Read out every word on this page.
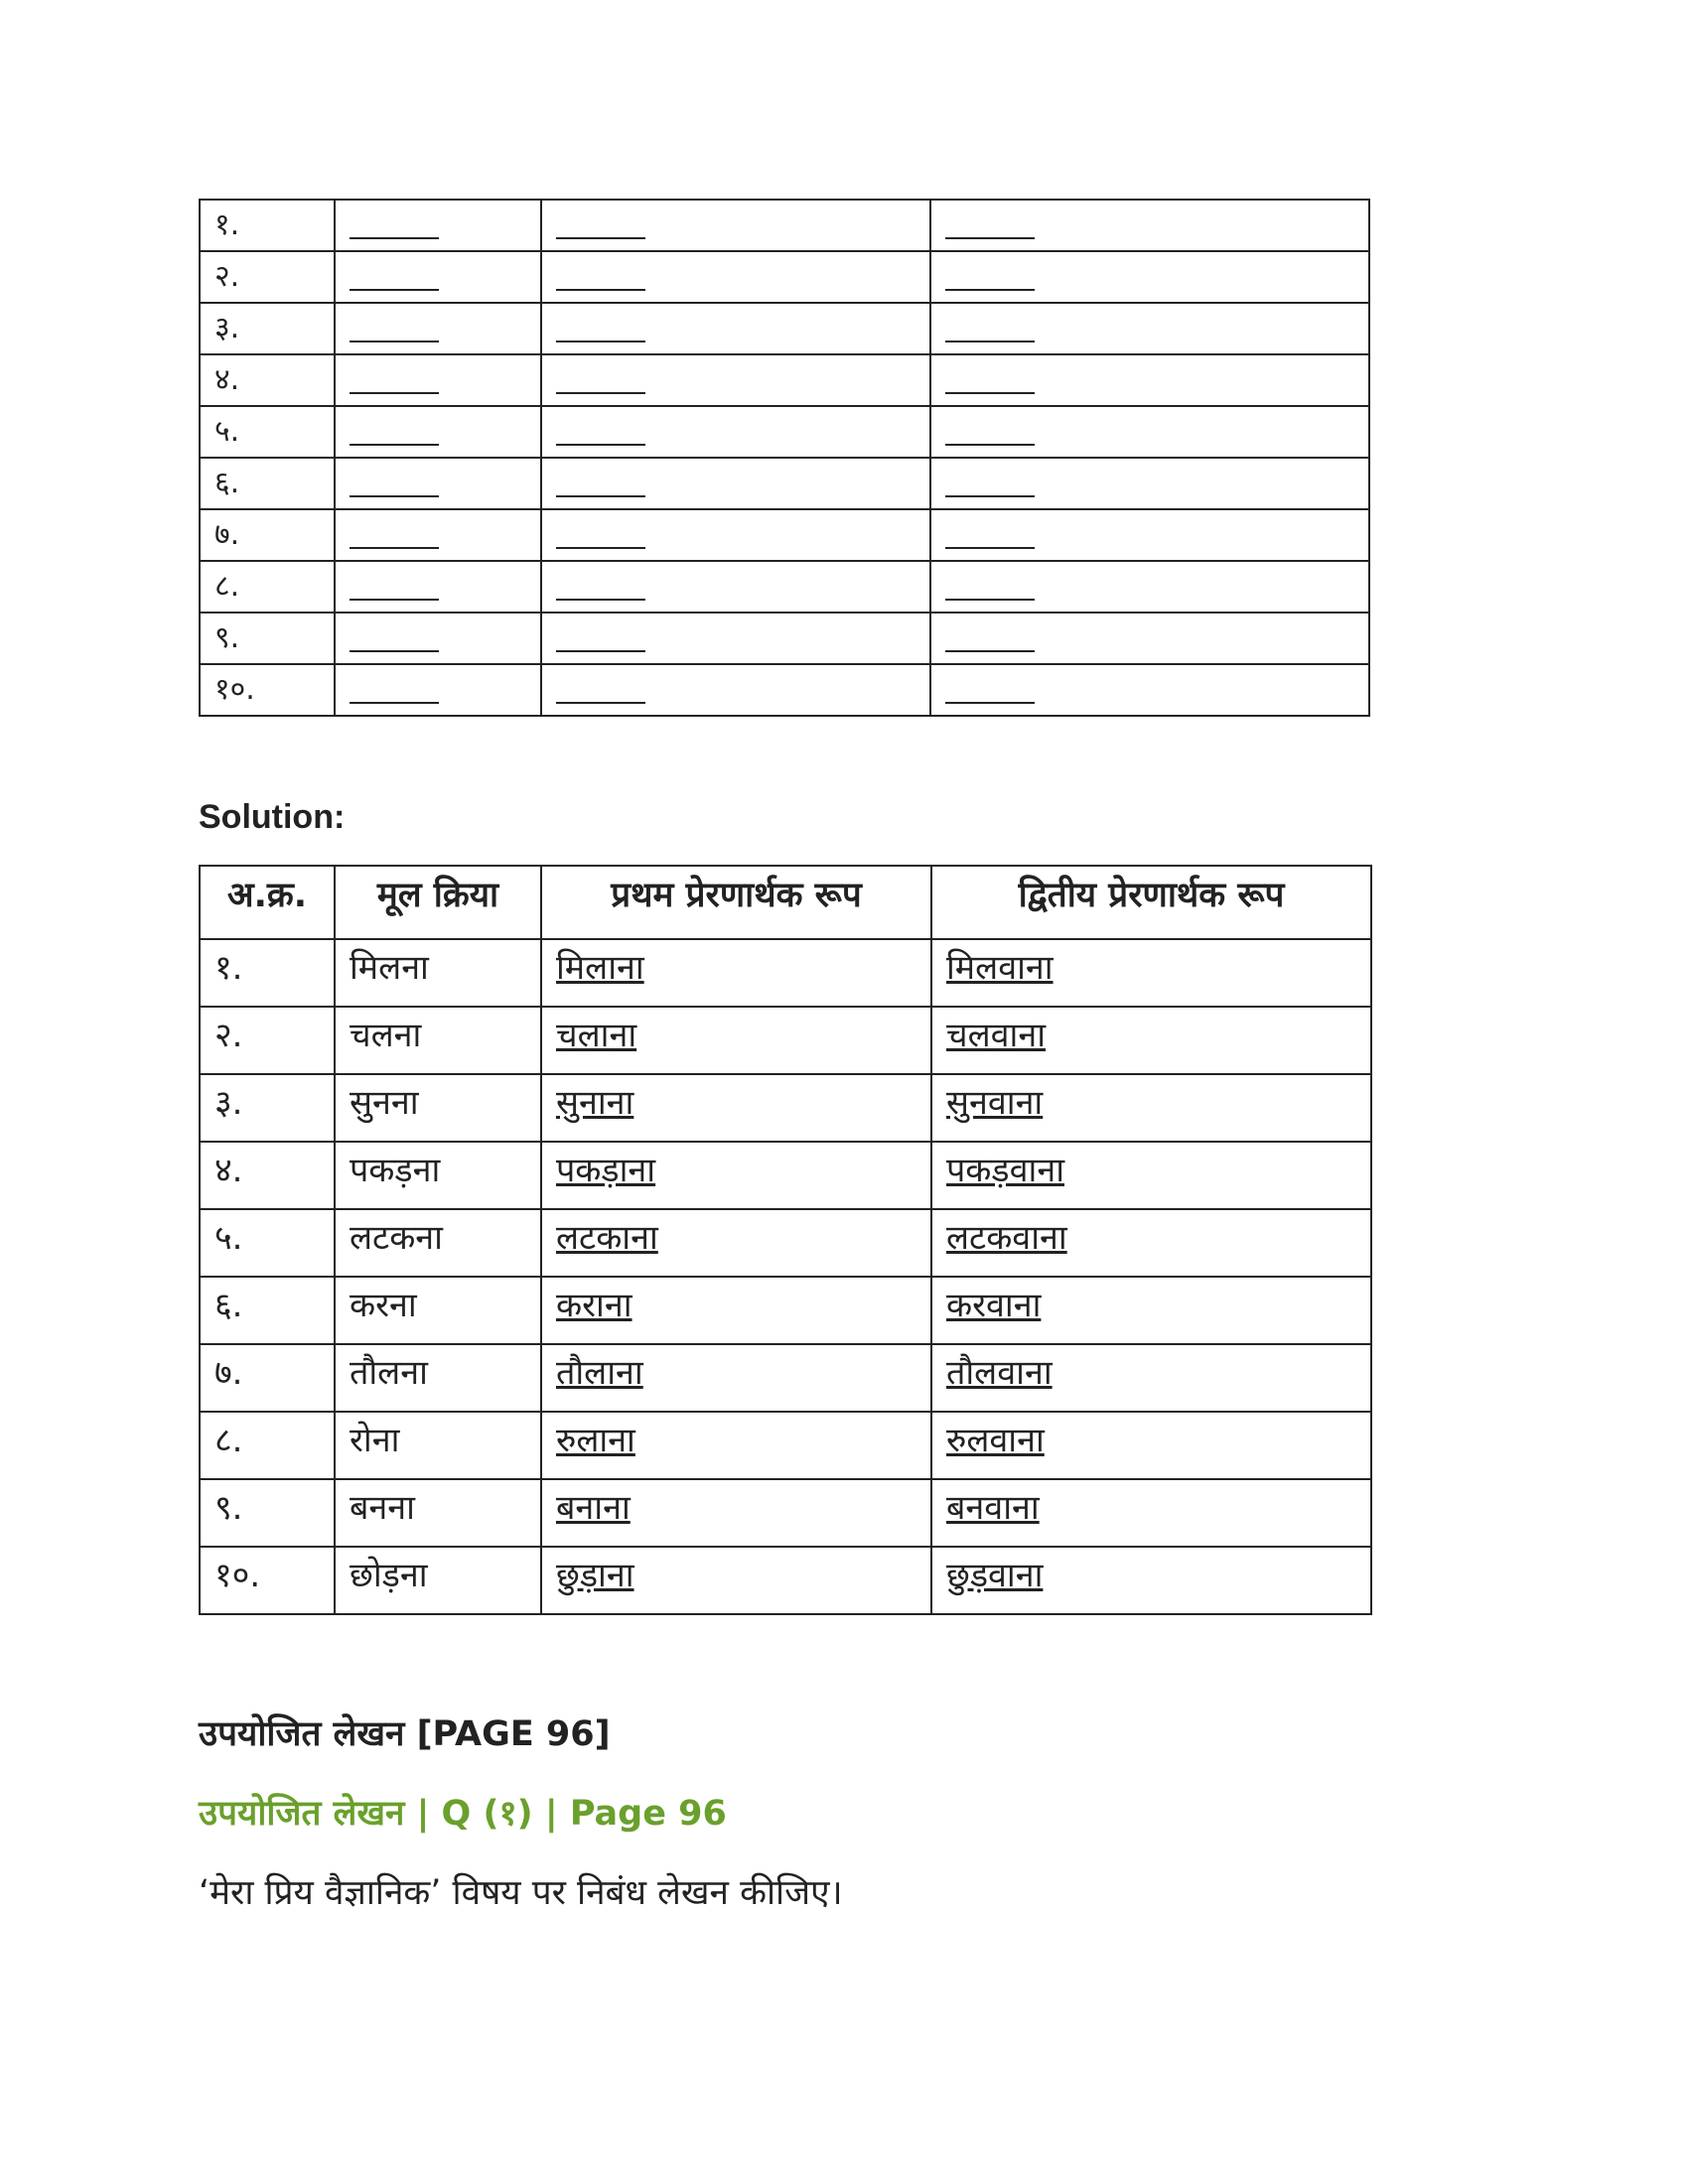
१.			
२.			
३.			
४.			
५.			
६.			
७.			
८.			
९.			
१०.			
Solution:
अ.क्र.	मूल क्रिया	प्रथम प्रेरणार्थक रूप	द्वितीय प्रेरणार्थक रूप
१.	मिलना	मिलाना	मिलवाना
२.	चलना	चलाना	चलवाना
३.	सुनना	सुनाना	सुनवाना
४.	पकड़ना	पकड़ाना	पकड़वाना
५.	लटकना	लटकाना	लटकवाना
६.	करना	कराना	करवाना
७.	तौलना	तौलाना	तौलवाना
८.	रोना	रुलाना	रुलवाना
९.	बनना	बनाना	बनवाना
१०.	छोड़ना	छुड़ाना	छुड़वाना
उपयोजित लेखन [PAGE 96]
उपयोजित लेखन | Q (१) | Page 96
‘मेरा प्रिय वैज्ञानिक’ विषय पर निबंध लेखन कीजिए।
